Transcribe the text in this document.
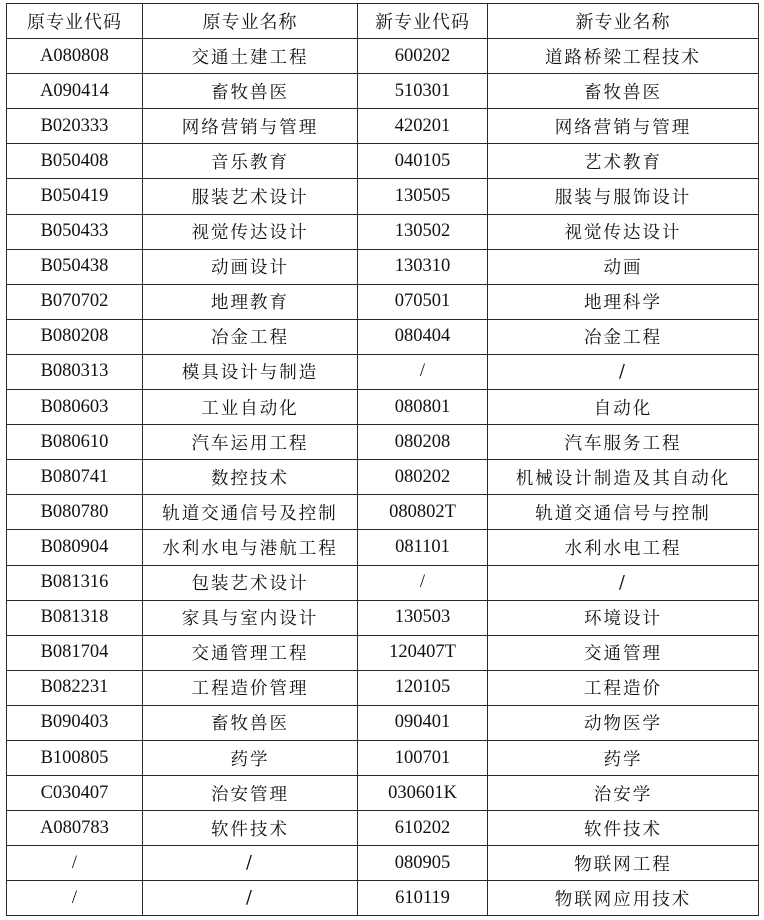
原专业代码	原专业名称	新专业代码	新专业名称
A080808	交通土建工程	600202	道路桥梁工程技术
A090414	畜牧兽医	510301	畜牧兽医
B020333	网络营销与管理	420201	网络营销与管理
B050408	音乐教育	040105	艺术教育
B050419	服装艺术设计	130505	服装与服饰设计
B050433	视觉传达设计	130502	视觉传达设计
B050438	动画设计	130310	动画
B070702	地理教育	070501	地理科学
B080208	冶金工程	080404	冶金工程
B080313	模具设计与制造	/	/
B080603	工业自动化	080801	自动化
B080610	汽车运用工程	080208	汽车服务工程
B080741	数控技术	080202	机械设计制造及其自动化
B080780	轨道交通信号及控制	080802T	轨道交通信号与控制
B080904	水利水电与港航工程	081101	水利水电工程
B081316	包装艺术设计	/	/
B081318	家具与室内设计	130503	环境设计
B081704	交通管理工程	120407T	交通管理
B082231	工程造价管理	120105	工程造价
B090403	畜牧兽医	090401	动物医学
B100805	药学	100701	药学
C030407	治安管理	030601K	治安学
A080783	软件技术	610202	软件技术
/	/	080905	物联网工程
/	/	610119	物联网应用技术
